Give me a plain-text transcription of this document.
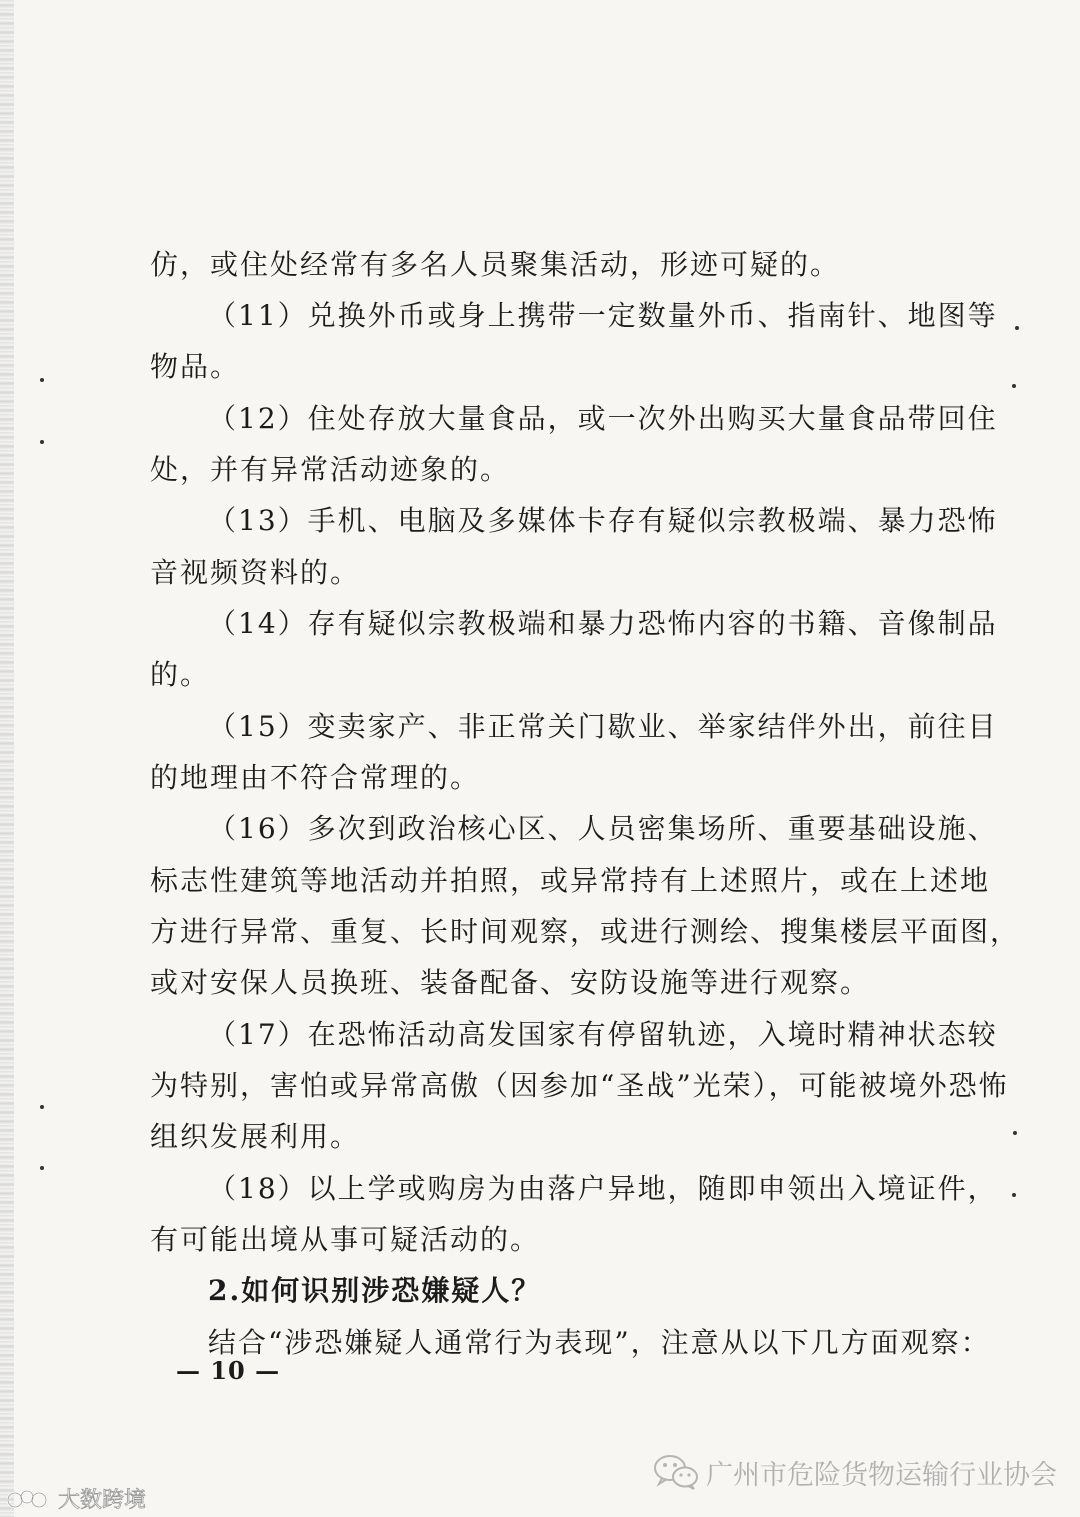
仿，或住处经常有多名人员聚集活动，形迹可疑的。
（11）兑换外币或身上携带一定数量外币、指南针、地图等
物品。
（12）住处存放大量食品，或一次外出购买大量食品带回住
处，并有异常活动迹象的。
（13）手机、电脑及多媒体卡存有疑似宗教极端、暴力恐怖
音视频资料的。
（14）存有疑似宗教极端和暴力恐怖内容的书籍、音像制品
的。
（15）变卖家产、非正常关门歇业、举家结伴外出，前往目
的地理由不符合常理的。
（16）多次到政治核心区、人员密集场所、重要基础设施、
标志性建筑等地活动并拍照，或异常持有上述照片，或在上述地
方进行异常、重复、长时间观察，或进行测绘、搜集楼层平面图，
或对安保人员换班、装备配备、安防设施等进行观察。
（17）在恐怖活动高发国家有停留轨迹，入境时精神状态较
为特别，害怕或异常高傲（因参加“圣战”光荣），可能被境外恐怖
组织发展利用。
（18）以上学或购房为由落户异地，随即申领出入境证件，
有可能出境从事可疑活动的。
2.如何识别涉恐嫌疑人？
结合“涉恐嫌疑人通常行为表现”，注意从以下几方面观察：
— 10 —
广州市危险货物运输行业协会
大数跨境
